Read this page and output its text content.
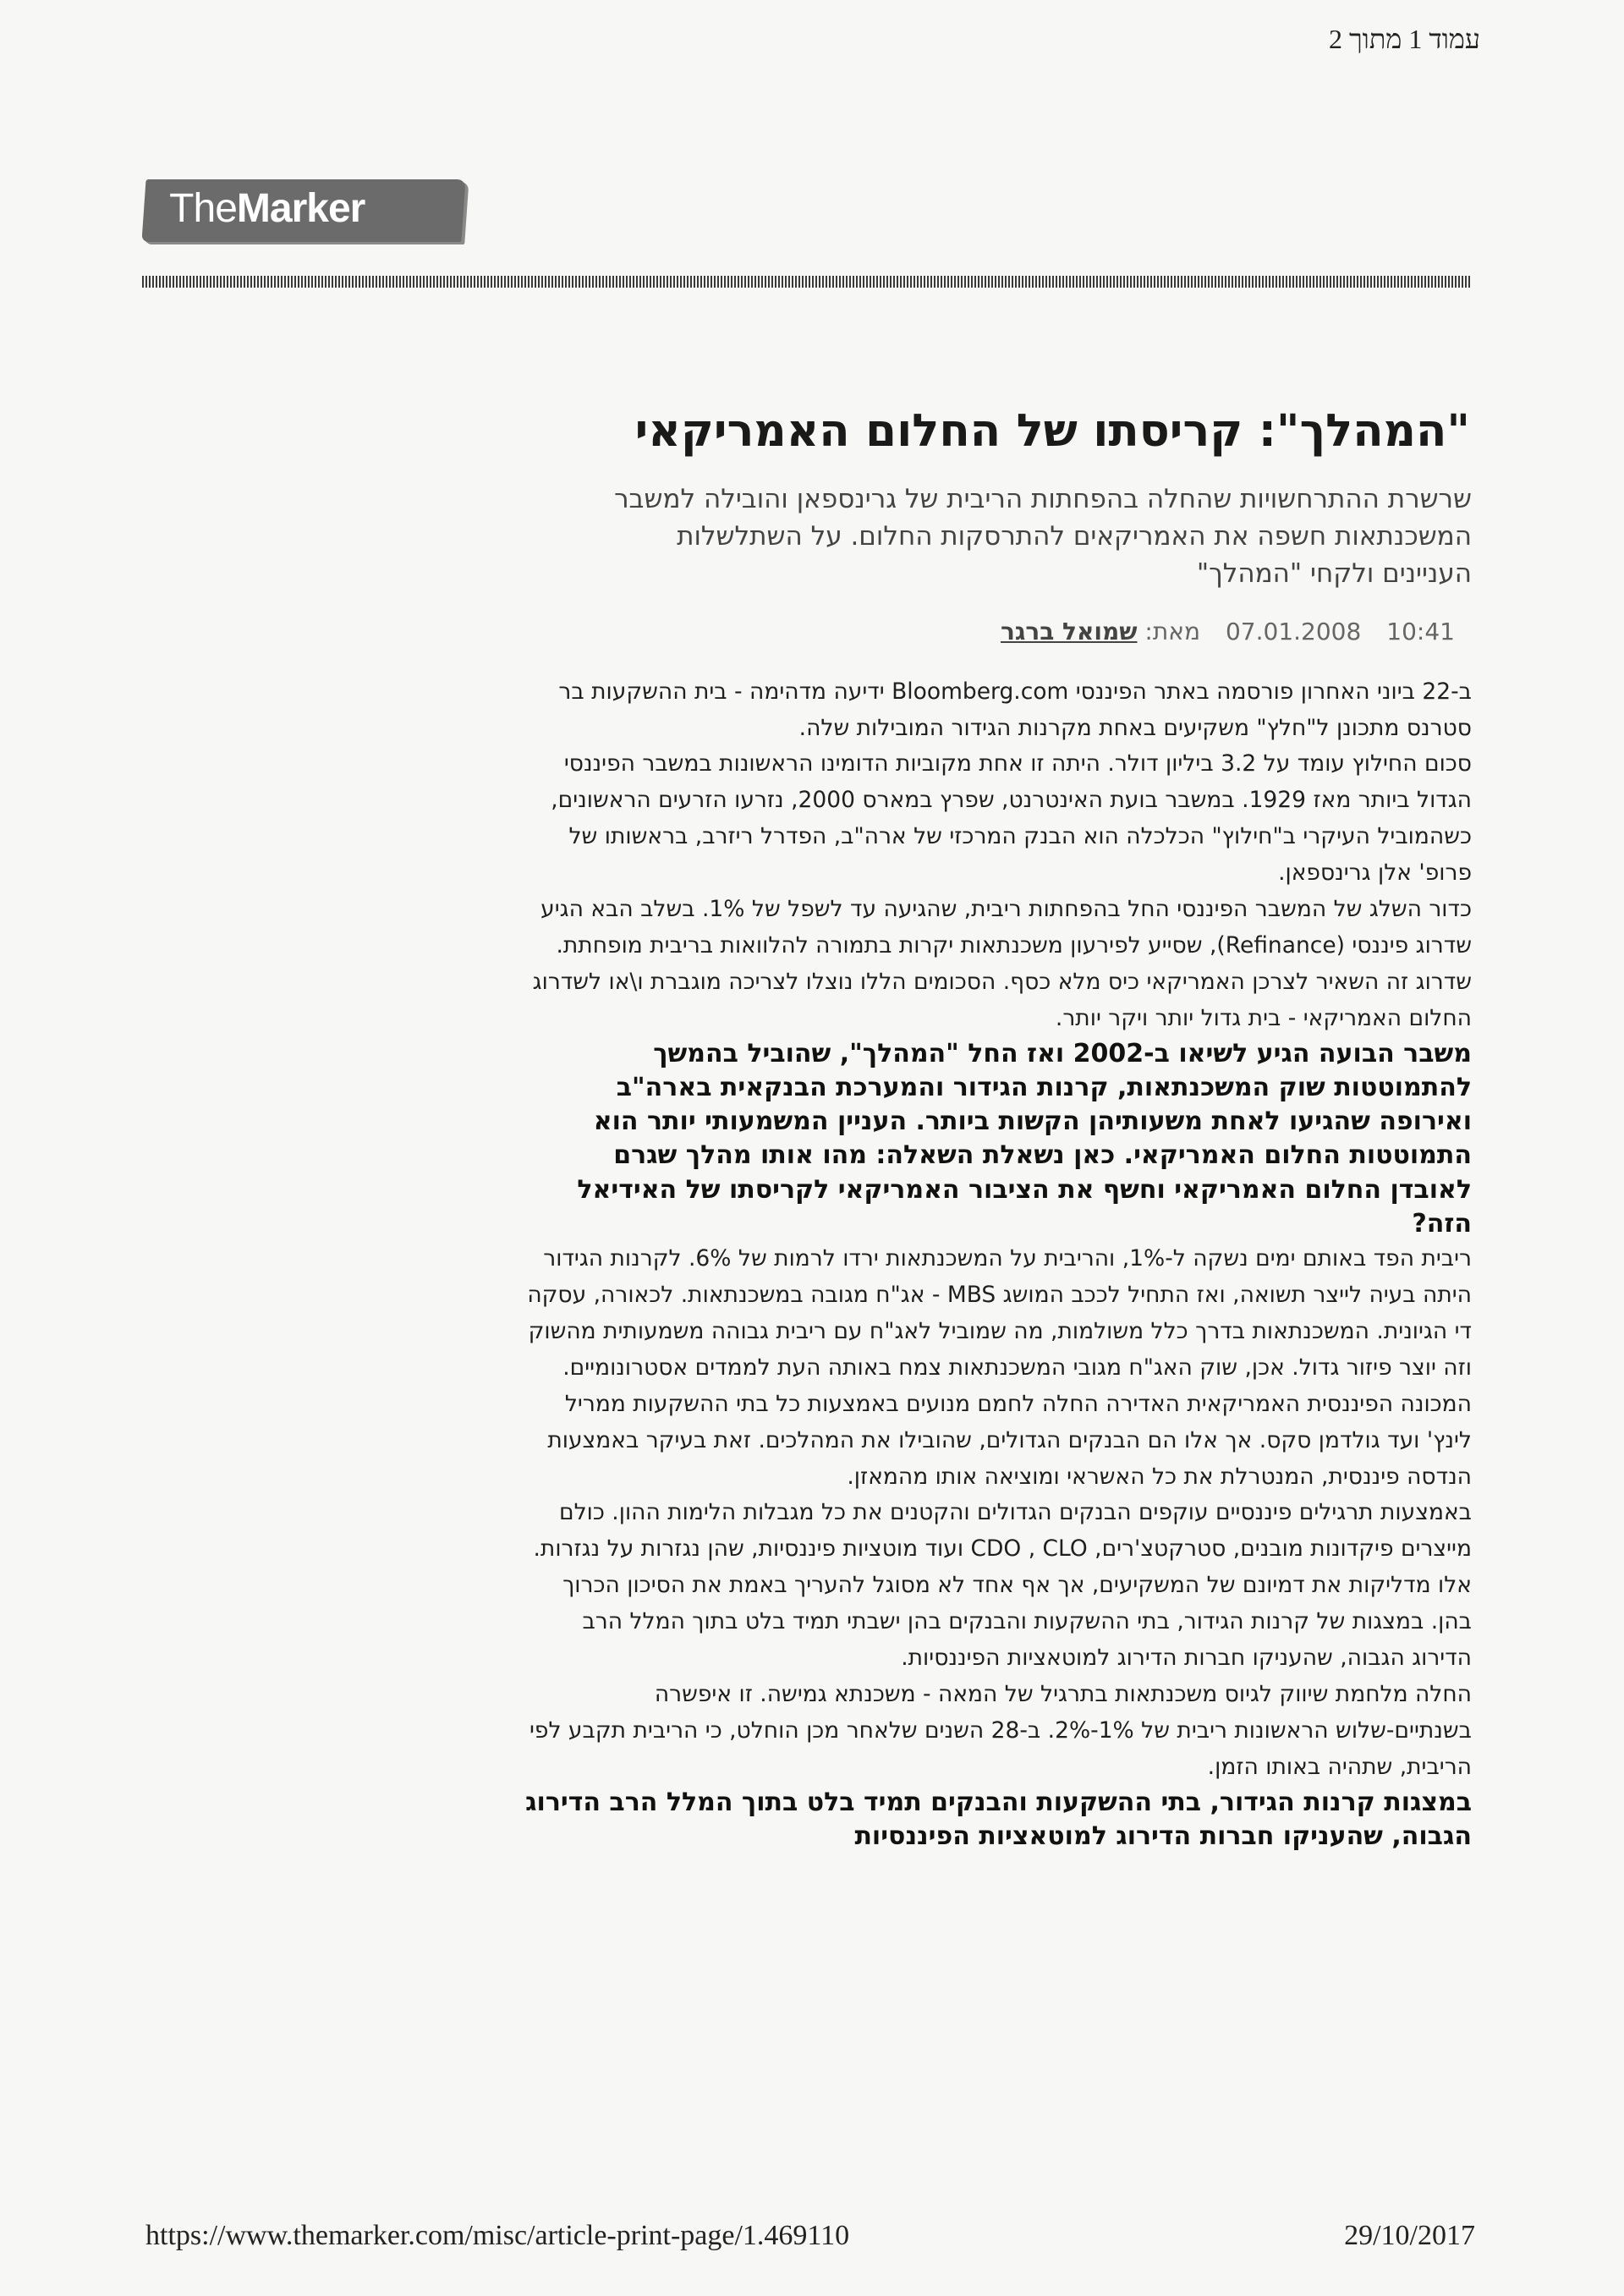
עמוד 1 מתוך 2
TheMarker
"המהלך": קריסתו של החלום האמריקאי
שרשרת ההתרחשויות שהחלה בהפחתות הריבית של גרינספאן והובילה למשבר המשכנתאות חשפה את האמריקאים להתרסקות החלום. על השתלשלות העניינים ולקחי "המהלך"
10:41
07.01.2008
מאת: שמואל ברגר

ב-22 ביוני האחרון פורסמה באתר הפיננסי Bloomberg.com ידיעה מדהימה - בית ההשקעות בר סטרנס מתכונן ל"חלץ" משקיעים באחת מקרנות הגידור המובילות שלה.

סכום החילוץ עומד על 3.2 ביליון דולר. היתה זו אחת מקוביות הדומינו הראשונות במשבר הפיננסי הגדול ביותר מאז 1929. במשבר בועת האינטרנט, שפרץ במארס 2000, נזרעו הזרעים הראשונים, כשהמוביל העיקרי ב"חילוץ" הכלכלה הוא הבנק המרכזי של ארה"ב, הפדרל ריזרב, בראשותו של פרופ' אלן גרינספאן.

כדור השלג של המשבר הפיננסי החל בהפחתות ריבית, שהגיעה עד לשפל של 1%. בשלב הבא הגיע שדרוג פיננסי (Refinance), שסייע לפירעון משכנתאות יקרות בתמורה להלוואות בריבית מופחתת. שדרוג זה השאיר לצרכן האמריקאי כיס מלא כסף. הסכומים הללו נוצלו לצריכה מוגברת ו\או לשדרוג החלום האמריקאי - בית גדול יותר ויקר יותר.

משבר הבועה הגיע לשיאו ב-2002 ואז החל "המהלך", שהוביל בהמשך להתמוטטות שוק המשכנתאות, קרנות הגידור והמערכת הבנקאית בארה"ב ואירופה שהגיעו לאחת משעותיהן הקשות ביותר. העניין המשמעותי יותר הוא התמוטטות החלום האמריקאי. כאן נשאלת השאלה: מהו אותו מהלך שגרם לאובדן החלום האמריקאי וחשף את הציבור האמריקאי לקריסתו של האידיאל הזה?

ריבית הפד באותם ימים נשקה ל-1%, והריבית על המשכנתאות ירדו לרמות של 6%. לקרנות הגידור היתה בעיה לייצר תשואה, ואז התחיל לככב המושג MBS - אג"ח מגובה במשכנתאות. לכאורה, עסקה די הגיונית. המשכנתאות בדרך כלל משולמות, מה שמוביל לאג"ח עם ריבית גבוהה משמעותית מהשוק וזה יוצר פיזור גדול. אכן, שוק האג"ח מגובי המשכנתאות צמח באותה העת לממדים אסטרונומיים.

המכונה הפיננסית האמריקאית האדירה החלה לחמם מנועים באמצעות כל בתי ההשקעות ממריל לינץ' ועד גולדמן סקס. אך אלו הם הבנקים הגדולים, שהובילו את המהלכים. זאת בעיקר באמצעות הנדסה פיננסית, המנטרלת את כל האשראי ומוציאה אותו מהמאזן.

באמצעות תרגילים פיננסיים עוקפים הבנקים הגדולים והקטנים את כל מגבלות הלימות ההון. כולם מייצרים פיקדונות מובנים, סטרקטצ'רים, CDO , CLO ועוד מוטציות פיננסיות, שהן נגזרות על נגזרות. אלו מדליקות את דמיונם של המשקיעים, אך אף אחד לא מסוגל להעריך באמת את הסיכון הכרוך בהן. במצגות של קרנות הגידור, בתי ההשקעות והבנקים בהן ישבתי תמיד בלט בתוך המלל הרב הדירוג הגבוה, שהעניקו חברות הדירוג למוטאציות הפיננסיות.

החלה מלחמת שיווק לגיוס משכנתאות בתרגיל של המאה - משכנתא גמישה. זו איפשרה בשנתיים-שלוש הראשונות ריבית של 1%-2%. ב-28 השנים שלאחר מכן הוחלט, כי הריבית תקבע לפי הריבית, שתהיה באותו הזמן.

במצגות קרנות הגידור, בתי ההשקעות והבנקים תמיד בלט בתוך המלל הרב הדירוג הגבוה, שהעניקו חברות הדירוג למוטאציות הפיננסיות

https://www.themarker.com/misc/article-print-page/1.469110	29/10/2017
